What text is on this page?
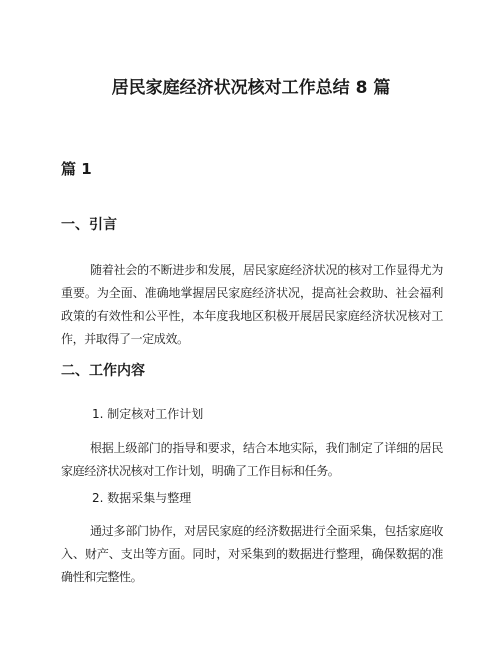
居民家庭经济状况核对工作总结 8 篇
篇 1
一、引言

随着社会的不断进步和发展，居民家庭经济状况的核对工作显得尤为重要。为全面、准确地掌握居民家庭经济状况，提高社会救助、社会福利政策的有效性和公平性，本年度我地区积极开展居民家庭经济状况核对工作，并取得了一定成效。

二、工作内容
1. 制定核对工作计划

根据上级部门的指导和要求，结合本地实际，我们制定了详细的居民家庭经济状况核对工作计划，明确了工作目标和任务。

2. 数据采集与整理

通过多部门协作，对居民家庭的经济数据进行全面采集，包括家庭收入、财产、支出等方面。同时，对采集到的数据进行整理，确保数据的准确性和完整性。
